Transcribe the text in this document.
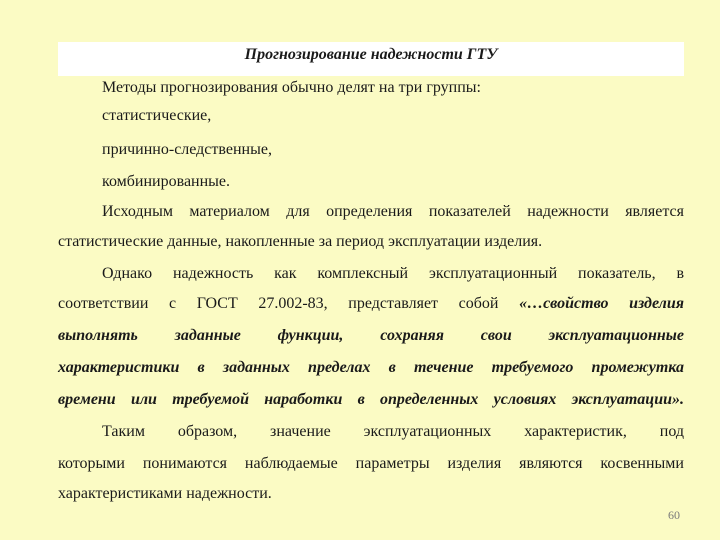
Прогнозирование надежности ГТУ
Методы прогнозирования обычно делят на три группы:
статистические,
причинно-следственные,
комбинированные.
Исходным материалом для определения показателей надежности является
статистические данные, накопленные за период эксплуатации изделия.
Однако надежность как комплексный эксплуатационный показатель, в
соответствии с ГОСТ 27.002-83, представляет собой «…свойство изделия
выполнять заданные функции, сохраняя свои эксплуатационные
характеристики в заданных пределах в течение требуемого промежутка
времени или требуемой наработки в определенных условиях эксплуатации».
Таким образом, значение эксплуатационных характеристик, под
которыми понимаются наблюдаемые параметры изделия являются косвенными
характеристиками надежности.
60
